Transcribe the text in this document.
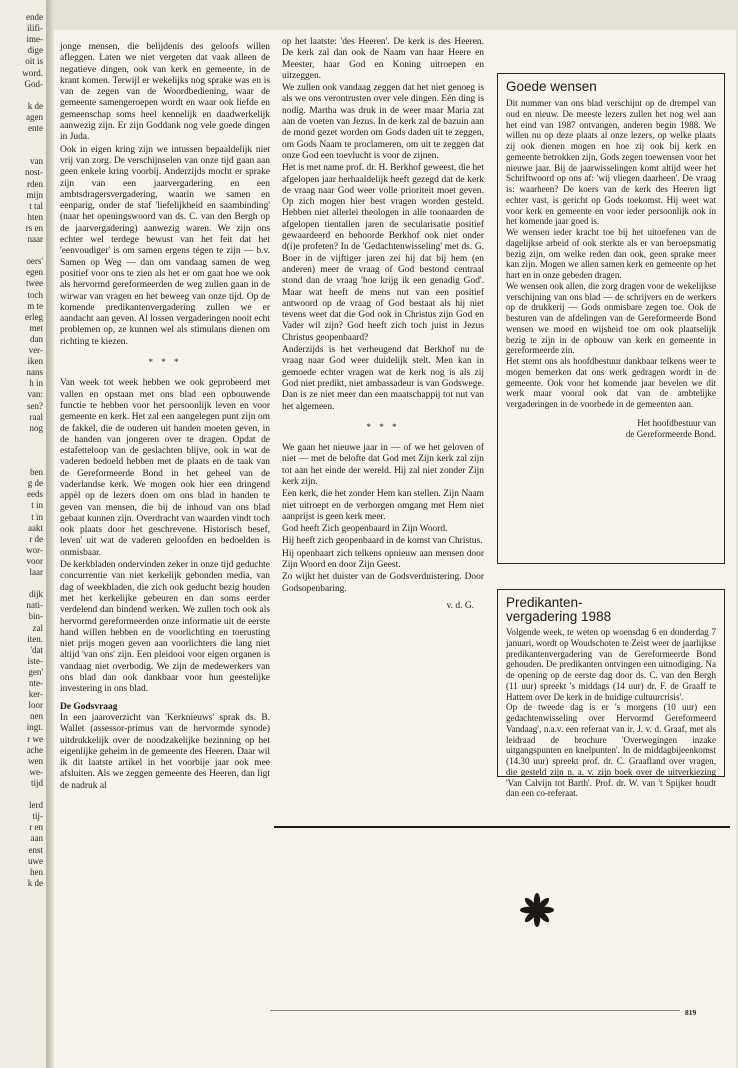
ende
ilifi-
ime-
dige
oit is
word.
God-
k de
agen
ente
van
nost-
rden
mijn
t tal
hten
rs en
naar
oers'
egen
twee
toch
m te
erleg
met
dan
ver-
iken
nans
h in
van:
sen?
raal
nog
ben
g de
eeds
t in
t in
aakt
r de
wor-
voor
laar
dijk
nati-
bin-
zal
iten.
'dat
iste-
gen'
nte-
ker-
loor
nen
ingt.
r we
ache
wen
we-
tijd
lerd
tij-
r en
aan
enst
uwe
hen
k de

jonge mensen, die belijdenis des geloofs willen afleggen. Laten we niet vergeten dat vaak alleen de negatieve dingen, ook van kerk en gemeente, in de krant komen. Terwijl er wekelijks nog sprake was en is van de zegen van de Woordbediening, waar de gemeente samengeroepen wordt en waar ook liefde en gemeenschap soms heel kennelijk en daadwerkelijk aanwezig zijn. Er zijn Goddank nog vele goede dingen in Juda.

Ook in eigen kring zijn we intussen bepaaldelijk niet vrij van zorg. De verschijnselen van onze tijd gaan aan geen enkele kring voorbij. Anderzijds mocht er sprake zijn van een jaarvergadering en een ambtsdragersvergadering, waarin we samen en eenparig, onder de staf 'liefelijkheid en saambinding' (naar het openingswoord van ds. C. van den Bergh op de jaarvergadering) aanwezig waren. We zijn ons echter wel terdege bewust van het feit dat het 'eenvoudiger' is om samen ergens tégen te zijn — b.v. Samen op Weg — dan om vandaag samen de weg positief voor ons te zien als het er om gaat hoe we ook als hervormd gereformeerden de weg zullen gaan in de wirwar van vragen en het beweeg van onze tijd. Op de komende predikantenvergadering zullen we er aandacht aan geven. Al lossen vergaderingen nooit echt problemen op, ze kunnen wel als stimulans dienen om richting te kiezen.

* * *

Van week tot week hebben we ook geprobeerd met vallen en opstaan met ons blad een opbouwende functie te hebben voor het persoonlijk leven en voor gemeente en kerk. Het zal een aangelegen punt zijn om de fakkel, die de ouderen uit handen moeten geven, in de handen van jongeren over te dragen. Opdat de estafetteloop van de geslachten blijve, ook in wat de vaderen bedoeld hebben met de plaats en de taak van de Gereformeerde Bond in het geheel van de vaderlandse kerk. We mogen ook hier een dringend appèl op de lezers doen om ons blad in handen te geven van mensen, die bij de inhoud van ons blad gebaat kunnen zijn. Overdracht van waarden vindt toch ook plaats door het geschrevene. Historisch besef, leven' uit wat de vaderen geloofden en bedoelden is onmisbaar.

De kerkbladen ondervinden zeker in onze tijd geduchte concurrentie van niet kerkelijk gebonden media, van dag of weekbladen, die zich ook geducht bezig houden met het kerkelijke gebeuren en dan soms eerder verdelend dan bindend werken. We zullen toch ook als hervormd gereformeerden onze informatie uit de eerste hand willen hebben en de voorlichting en toerusting niet prijs mogen geven aan voorlichters die lang niet altijd 'van ons' zijn. Een pleidooi voor eigen organen is vandaag niet overbodig. We zijn de medewerkers van ons blad dan ook dankbaar voor hun geestelijke investering in ons blad.

De Godsvraag

In een jaaroverzicht van 'Kerknieuws' sprak ds. B. Wallet (assessor-primus van de hervormde synode) uitdrukkelijk over de noodzakelijke bezinning op het eigenlijke geheim in de gemeente des Heeren. Daar wil ik dit laatste artikel in het voorbije jaar ook mee afsluiten. Als we zeggen gemeente des Heeren, dan ligt de nadruk al

op het laatste: 'des Heeren'. De kerk is des Heeren. De kerk zal dan ook de Naam van haar Heere en Meester, haar God en Koning uitroepen en uitzeggen.

We zullen ook vandaag zeggen dat het niet genoeg is als we ons verontrusten over vele dingen. Eén ding is nodig. Martha was druk in de weer maar Maria zat aan de voeten van Jezus. In de kerk zal de bazuin aan de mond gezet worden om Gods daden uit te zeggen, om Gods Naam te proclameren, om uit te zeggen dat onze God een toevlucht is voor de zijnen.

Het is met name prof. dr. H. Berkhof geweest, die het afgelopen jaar herhaaldelijk heeft gezegd dat de kerk de vraag naar God weer volle prioriteit moet geven. Op zich mogen hier best vragen worden gesteld. Hebben niet allerlei theologen in alle toonaarden de afgelopen tientallen jaren de secularisatie positief gewaardeerd en behoorde Berkhof ook niet onder d(i)e profeten? In de 'Gedachtenwisseling' met ds. G. Boer in de vijftiger jaren zei hij dat bij hem (en anderen) meer de vraag of God bestond centraal stond dan de vraag 'hoe krijg ik een genadig God'. Maar wat heeft de mens nut van een positief antwoord op de vraag of God bestaat als hij niet tevens weet dat die God ook in Christus zijn God en Vader wil zijn? God heeft zich toch juist in Jezus Christus geopenbaard?

Anderzijds is het verheugend dat Berkhof nu de vraag naar God weer duidelijk stelt. Men kan in gemoede echter vragen wat de kerk nog is als zij God niet predikt, niet ambassadeur is van Godswege. Dan is ze niet meer dan een maatschappij tot nut van het algemeen.

* * *

We gaan het nieuwe jaar in — of we het geloven of niet — met de belofte dat God met Zijn kerk zal zijn tot aan het einde der wereld. Hij zal niet zonder Zijn kerk zijn.

Een kerk, die het zonder Hem kan stellen. Zijn Naam niet uitroept en de verborgen omgang met Hem niet aanprijst is geen kerk meer.

God heeft Zich geopenbaard in Zijn Woord.

Hij heeft zich geopenbaard in de komst van Christus.

Hij openbaart zich telkens opnieuw aan mensen door Zijn Woord en door Zijn Geest.

Zo wijkt het duister van de Godsverduistering. Door Godsopenbaring.

v. d. G.
Goede wensen

Dit nummer van ons blad verschijnt op de drempel van oud en nieuw. De meeste lezers zullen het nog wel aan het eind van 1987 ontvangen, anderen begin 1988. We willen nu op deze plaats al onze lezers, op welke plaats zij ook dienen mogen en hoe zij ook bij kerk en gemeente betrokken zijn, Gods zegen toewensen voor het nieuwe jaar. Bij de jaarwisselingen komt altijd weer het Schriftwoord op ons af: 'wij vliegen daarheen'. De vraag is: waarheen? De koers van de kerk des Heeren ligt echter vast, is gericht op Gods toekomst. Hij weet wat voor kerk en gemeente en voor ieder persoonlijk ook in het komende jaar goed is.

We wensen ieder kracht toe bij het uitoefenen van de dagelijkse arbeid of ook sterkte als er van beroepsmatig bezig zijn, om welke reden dan ook, geen sprake meer kan zijn. Mogen we allen samen kerk en gemeente op het hart en in onze gebeden dragen.

We wensen ook allen, die zorg dragen voor de wekelijkse verschijning van ons blad — de schrijvers en de werkers op de drukkerij — Gods onmisbare zegen toe. Ook de besturen van de afdelingen van de Gereformeerde Bond wensen we moed en wijsheid toe om ook plaatselijk bezig te zijn in de opbouw van kerk en gemeente in gereformeerde zin.

Het stemt ons als hoofdbestuur dankbaar telkens weer te mogen bemerken dat ons werk gedragen wordt in de gemeente. Ook voor het komende jaar bevelen we dit werk maar vooral ook dat van de ambtelijke vergaderingen in de voorbede in de gemeenten aan.

Het hoofdbestuur van
de Gereformeerde Bond.
Predikanten-
vergadering 1988

Volgende week, te weten op woensdag 6 en donderdag 7 januari, wordt op Woudschoten te Zeist weer de jaarlijkse predikantenvergadering van de Gereformeerde Bond gehouden. De predikanten ontvingen een uitnodiging. Na de opening op de eerste dag door ds. C. van den Bergh (11 uur) spreekt 's middags (14 uur) dr. F. de Graaff te Hattem over De kerk in de huidige cultuurcrisis'.

Op de tweede dag is er 's morgens (10 uur) een gedachtenwisseling over Hervormd Gereformeerd Vandaag', n.a.v. een referaat van ir. J. v. d. Graaf, met als leidraad de brochure 'Overwegingen inzake uitgangspunten en knelpunten'. In de middagbijeenkomst (14.30 uur) spreekt prof. dr. C. Graafland over vragen, die gesteld zijn n. a. v. zijn boek over de uitverkiezing 'Van Calvijn tot Barth'. Prof. dr. W. van 't Spijker houdt dan een co-referaat.

819
